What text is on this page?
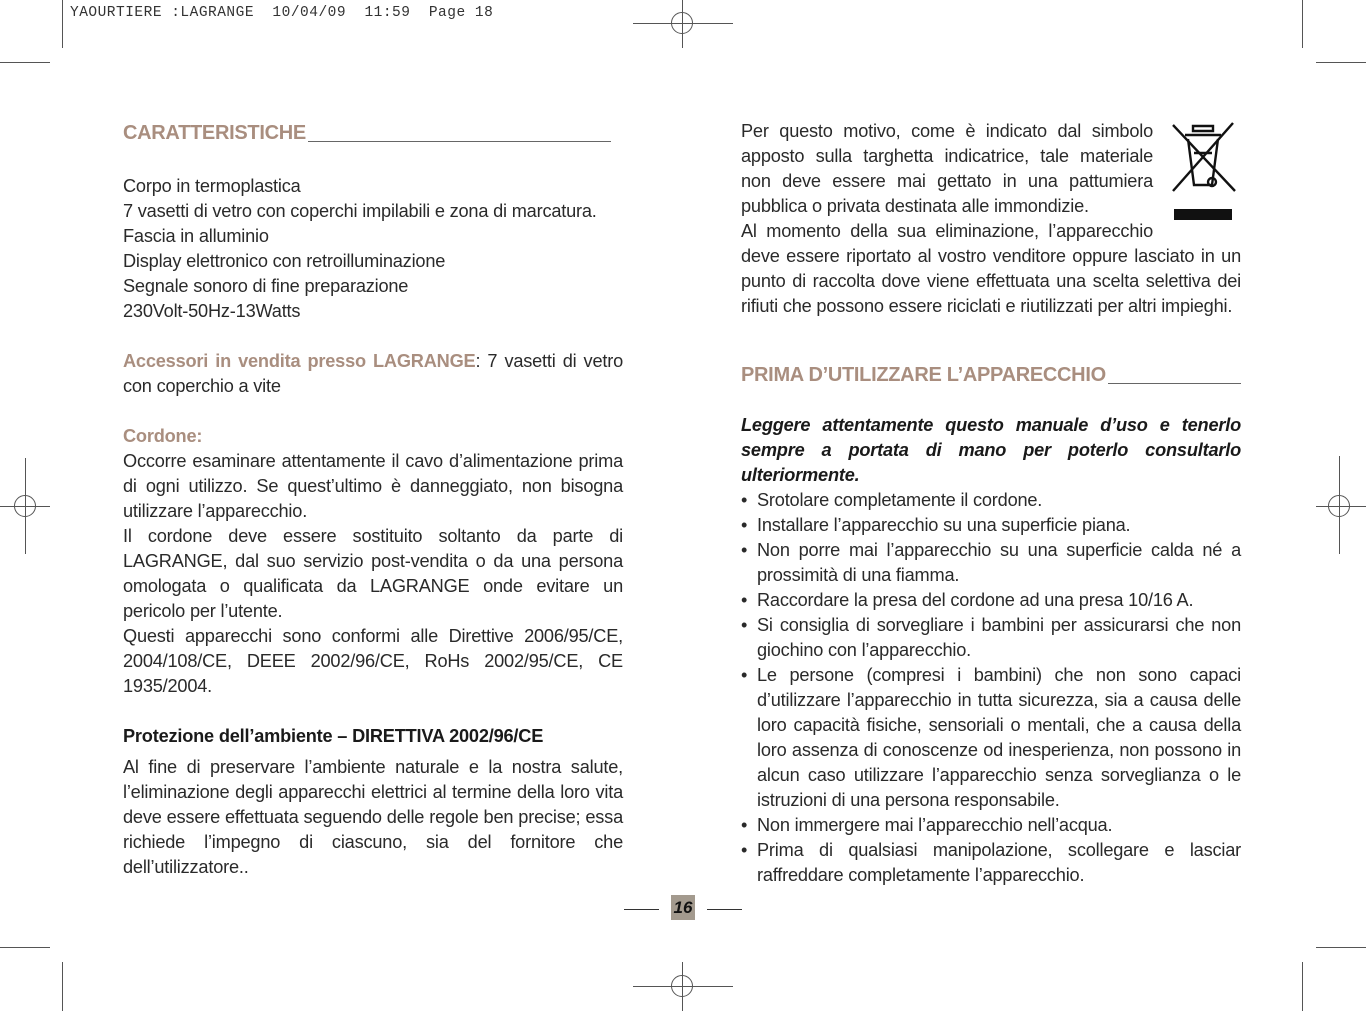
YAOURTIERE :LAGRANGE  10/04/09  11:59  Page 18
CARATTERISTICHE

Corpo in termoplastica

7 vasetti di vetro con coperchi impilabili e zona di marcatura.

Fascia in alluminio

Display elettronico con retroilluminazione

Segnale sonoro di fine preparazione

230Volt-50Hz-13Watts

Accessori in vendita presso LAGRANGE: 7 vasetti di vetro con coperchio a vite

Cordone:

Occorre esaminare attentamente il cavo d’alimentazione prima di ogni utilizzo. Se quest’ultimo è danneggiato, non bisogna utilizzare l’apparecchio.

Il cordone deve essere sostituito soltanto da parte di LAGRANGE, dal suo servizio post-vendita o da una persona omologata o qualificata da LAGRANGE onde evitare un pericolo per l’utente.

Questi apparecchi sono conformi alle Direttive 2006/95/CE, 2004/108/CE, DEEE 2002/96/CE, RoHs 2002/95/CE, CE 1935/2004.

Protezione dell’ambiente – DIRETTIVA 2002/96/CE

Al fine di preservare l’ambiente naturale e la nostra salute, l’eliminazione degli apparecchi elettrici al termine della loro vita deve essere effettuata seguendo delle regole ben precise; essa richiede l’impegno di ciascuno, sia del fornitore che dell’utilizzatore..

Per questo motivo, come è indicato dal simbolo apposto sulla targhetta indicatrice, tale materiale non deve essere mai gettato in una pattumiera pubblica o privata destinata alle immondizie.

Al momento della sua eliminazione, l’apparecchio deve essere riportato al vostro venditore oppure lasciato in un punto di raccolta dove viene effettuata una scelta selettiva dei rifiuti che possono essere riciclati e riutilizzati per altri impieghi.

PRIMA D’UTILIZZARE L’APPARECCHIO

Leggere attentamente questo manuale d’uso e tenerlo sempre a portata di mano per poterlo consultarlo ulteriormente.

• Srotolare completamente il cordone.
• Installare l’apparecchio su una superficie piana.
• Non porre mai l’apparecchio su una superficie calda né a prossimità di una fiamma.
• Raccordare la presa del cordone ad una presa 10/16 A.
• Si consiglia di sorvegliare i bambini per assicurarsi che non giochino con l’apparecchio.
• Le persone (compresi i bambini) che non sono capaci d’utilizzare l’apparecchio in tutta sicurezza, sia a causa delle loro capacità fisiche, sensoriali o mentali, che a causa della loro assenza di conoscenze od inesperienza, non possono in alcun caso utilizzare l’apparecchio senza sorveglianza o le istruzioni di una persona responsabile.
• Non immergere mai l’apparecchio nell’acqua.
• Prima di qualsiasi manipolazione, scollegare e lasciar raffreddare completamente l’apparecchio.
16
